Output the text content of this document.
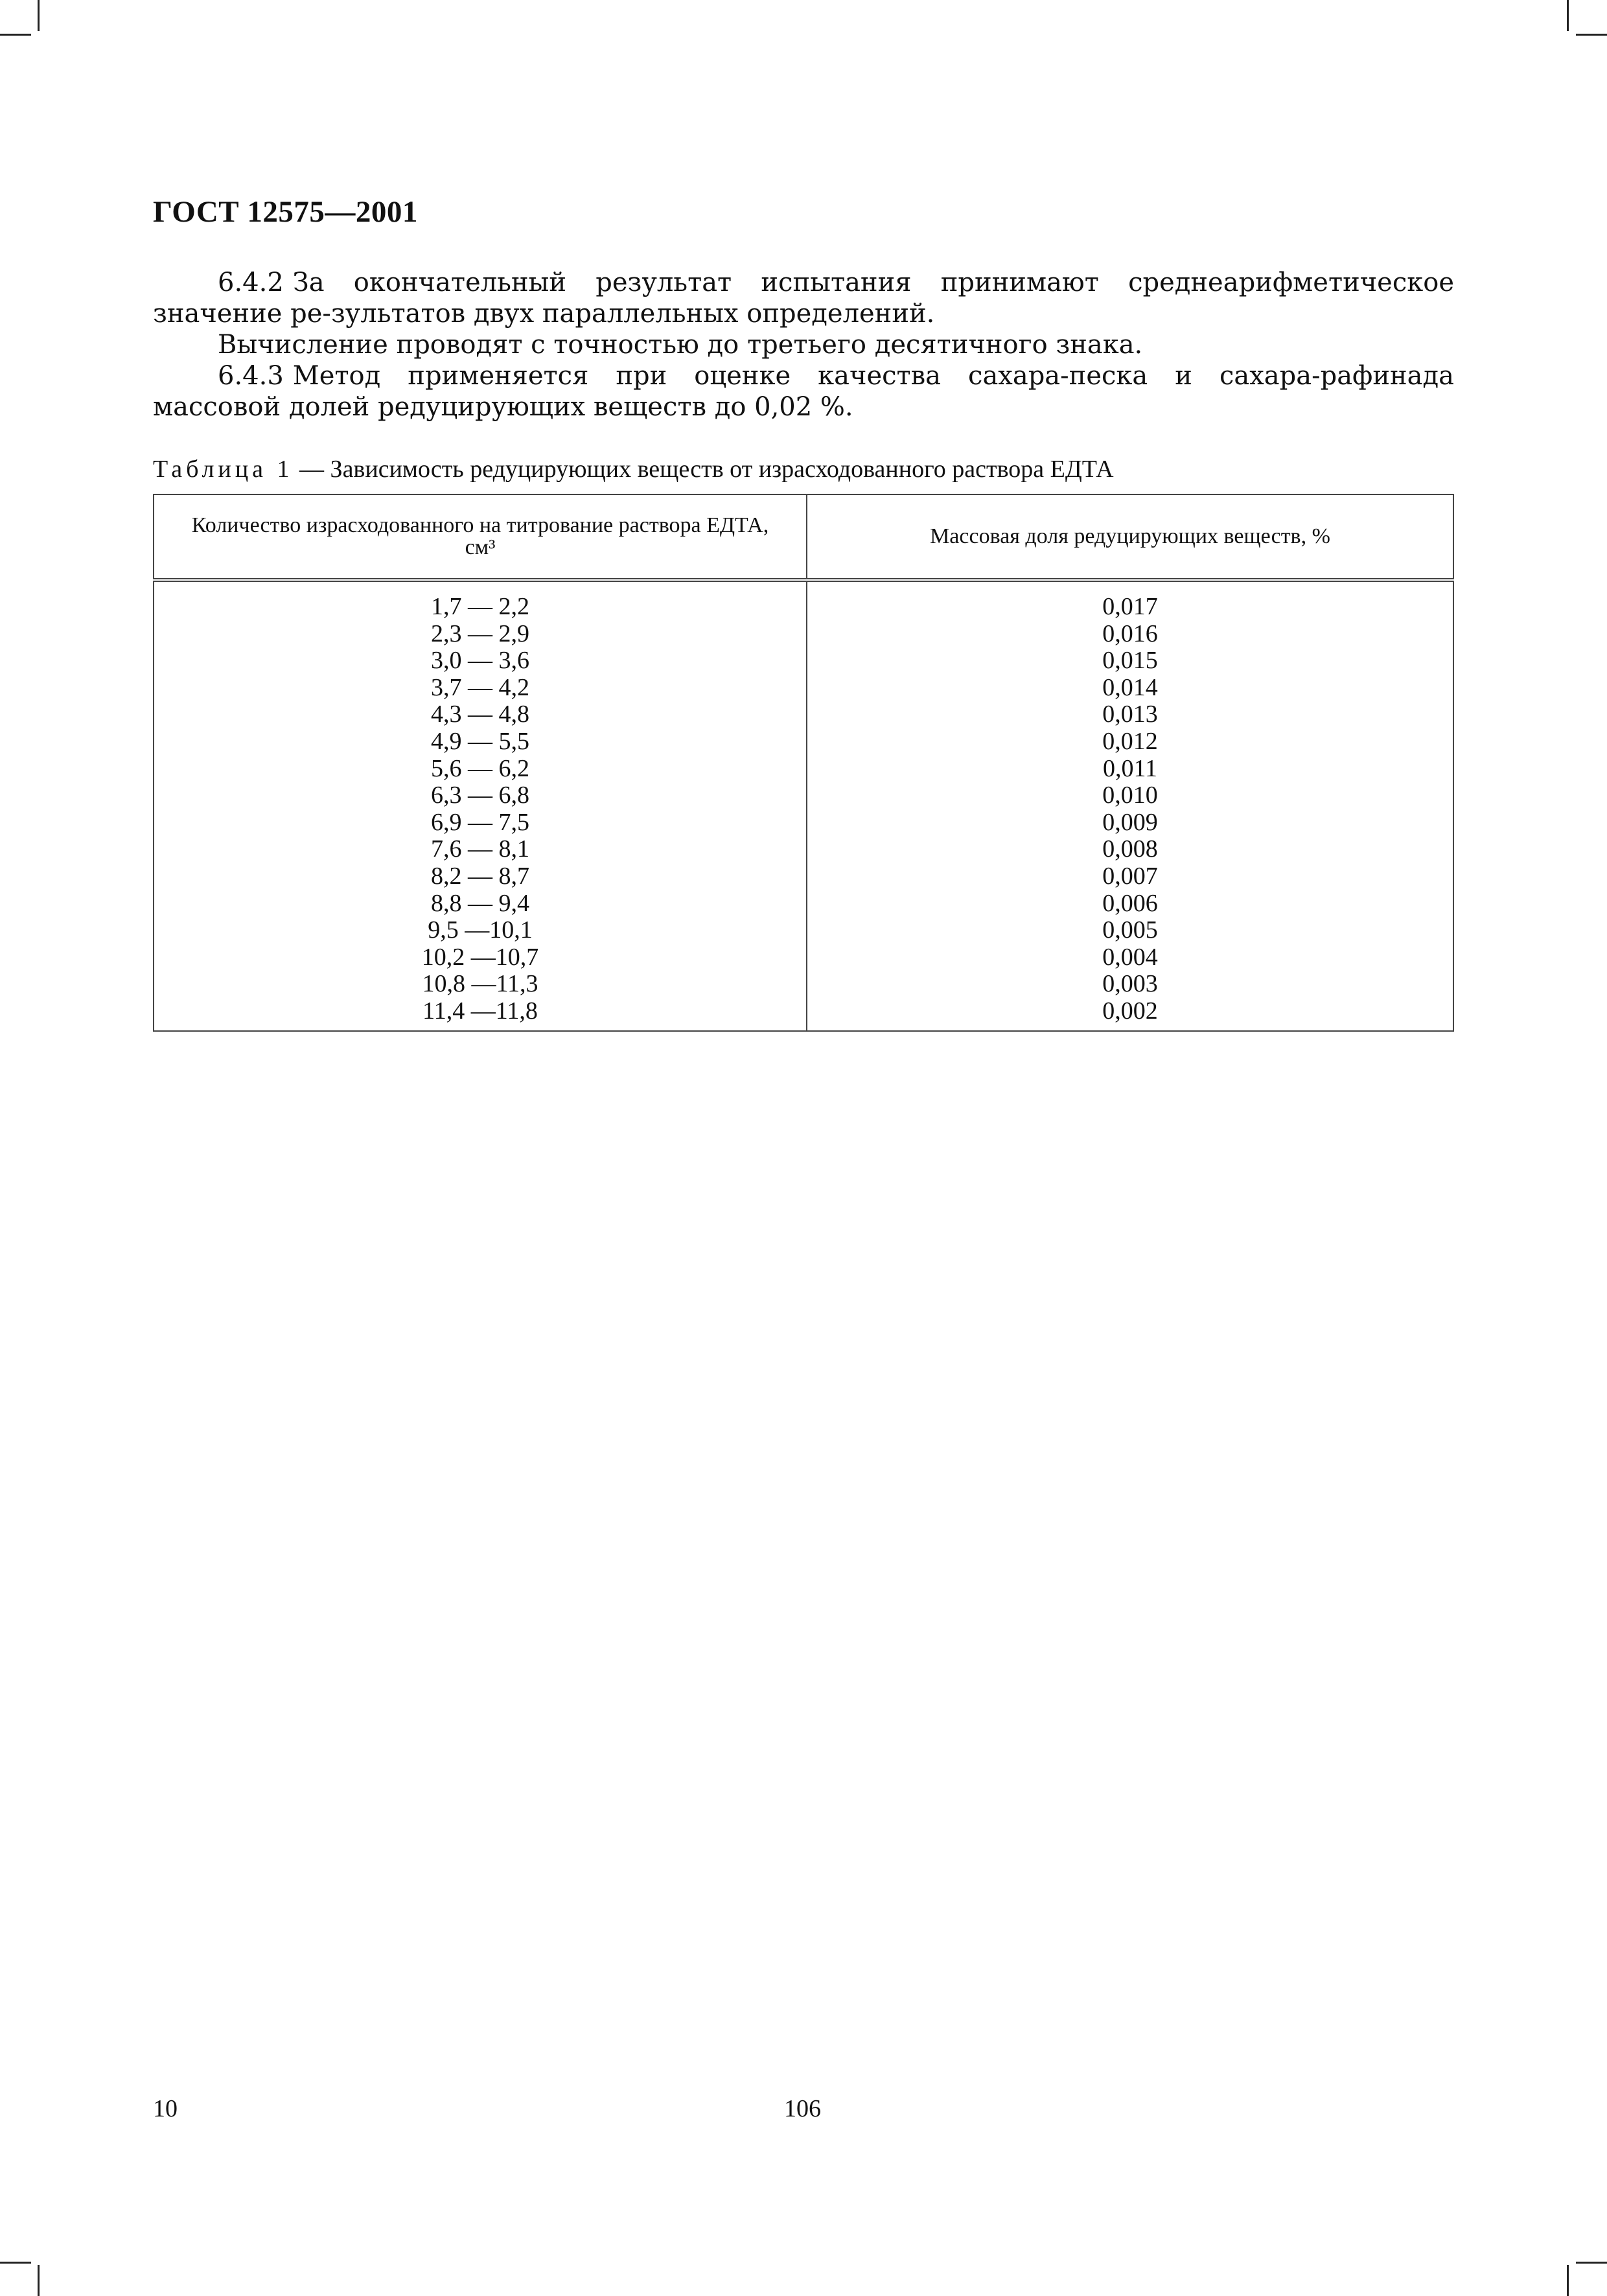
ГОСТ 12575—2001
6.4.2 За окончательный результат испытания принимают среднеарифметическое значение ре-зультатов двух параллельных определений.
Вычисление проводят с точностью до третьего десятичного знака.
6.4.3 Метод применяется при оценке качества сахара-песка и сахара-рафинада массовой долей редуцирующих веществ до 0,02 %.
Таблица 1 — Зависимость редуцирующих веществ от израсходованного раствора ЕДТА
Количество израсходованного на титрование раствора ЕДТА, см³	Массовая доля редуцирующих веществ, %
1,7 — 2,2	0,017
2,3 — 2,9	0,016
3,0 — 3,6	0,015
3,7 — 4,2	0,014
4,3 — 4,8	0,013
4,9 — 5,5	0,012
5,6 — 6,2	0,011
6,3 — 6,8	0,010
6,9 — 7,5	0,009
7,6 — 8,1	0,008
8,2 — 8,7	0,007
8,8 — 9,4	0,006
9,5 —10,1	0,005
10,2 —10,7	0,004
10,8 —11,3	0,003
11,4 —11,8	0,002
10	106
